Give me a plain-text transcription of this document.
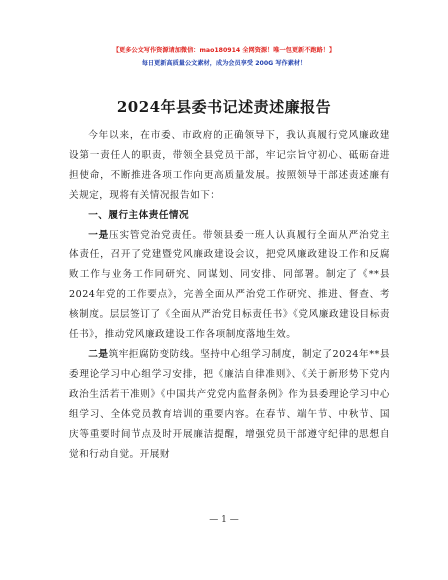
【更多公文写作资源请加微信：mao180914 全网资源！唯一包更新不跑路！】
每日更新高质量公文素材，成为会员享受 200G 写作素材！
2024年县委书记述责述廉报告

今年以来，在市委、市政府的正确领导下，我认真履行党风廉政建设第一责任人的职责，带领全县党员干部，牢记宗旨守初心、砥砺奋进担使命，不断推进各项工作向更高质量发展。按照领导干部述责述廉有关规定，现将有关情况报告如下：

一、履行主体责任情况

一是压实管党治党责任。带领县委一班人认真履行全面从严治党主体责任，召开了党建暨党风廉政建设会议，把党风廉政建设工作和反腐败工作与业务工作同研究、同谋划、同安排、同部署。制定了《**县2024年党的工作要点》，完善全面从严治党工作研究、推进、督查、考核制度。层层签订了《全面从严治党目标责任书》《党风廉政建设目标责任书》，推动党风廉政建设工作各项制度落地生效。

二是筑牢拒腐防变防线。坚持中心组学习制度，制定了2024年**县委理论学习中心组学习安排，把《廉洁自律准则》、《关于新形势下党内政治生活若干准则》《中国共产党党内监督条例》作为县委理论学习中心组学习、全体党员教育培训的重要内容。在春节、端午节、中秋节、国庆等重要时间节点及时开展廉洁提醒，增强党员干部遵守纪律的思想自觉和行动自觉。开展财

— 1 —
